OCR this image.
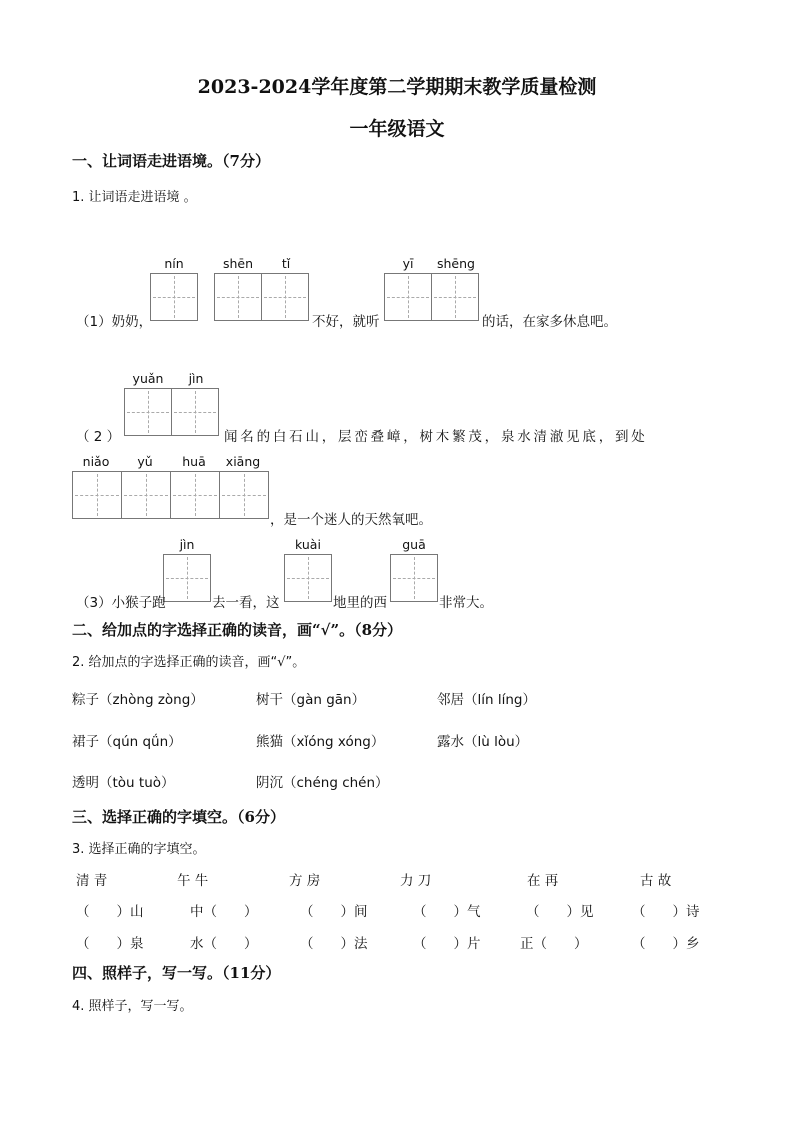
2023-2024学年度第二学期期末教学质量检测
一年级语文
一、让词语走进语境。（7分）
1. 让词语走进语境 。
nín	shēn	tǐ	yī	shēng
（1）奶奶，	不好，就听	的话，在家多休息吧。
yuǎn	jìn
（ 2 ）	闻 名 的 白 石 山 ， 层 峦 叠 嶂 ， 树 木 繁 茂 ， 泉 水 清 澈 见 底 ， 到 处
niǎo	yǔ	huā	xiāng
，是一个迷人的天然氧吧。
jìn	kuài	guā
（3）小猴子跑	去一看，这	地里的西	非常大。
二、给加点的字选择正确的读音，画“√”。（8分）
2. 给加点的字选择正确的读音，画“√”。
粽子（zhòng zòng）	树干（gàn gān）	邻居（lín líng）
裙子（qún qǘn）	熊猫（xǐóng xóng）	露水（lù lòu）
透明（tòu tuò）	阴沉（chéng chén）
三、选择正确的字填空。（6分）
3. 选择正确的字填空。
清 青	午 牛	方 房	力 刀	在 再	古 故
（　　）山	中（　　）	（　　）间	（　　）气	（　　）见	（　　）诗
（　　）泉	水（　　）	（　　）法	（　　）片	正（　　）	（　　）乡
四、照样子，写一写。（11分）
4. 照样子，写一写。
